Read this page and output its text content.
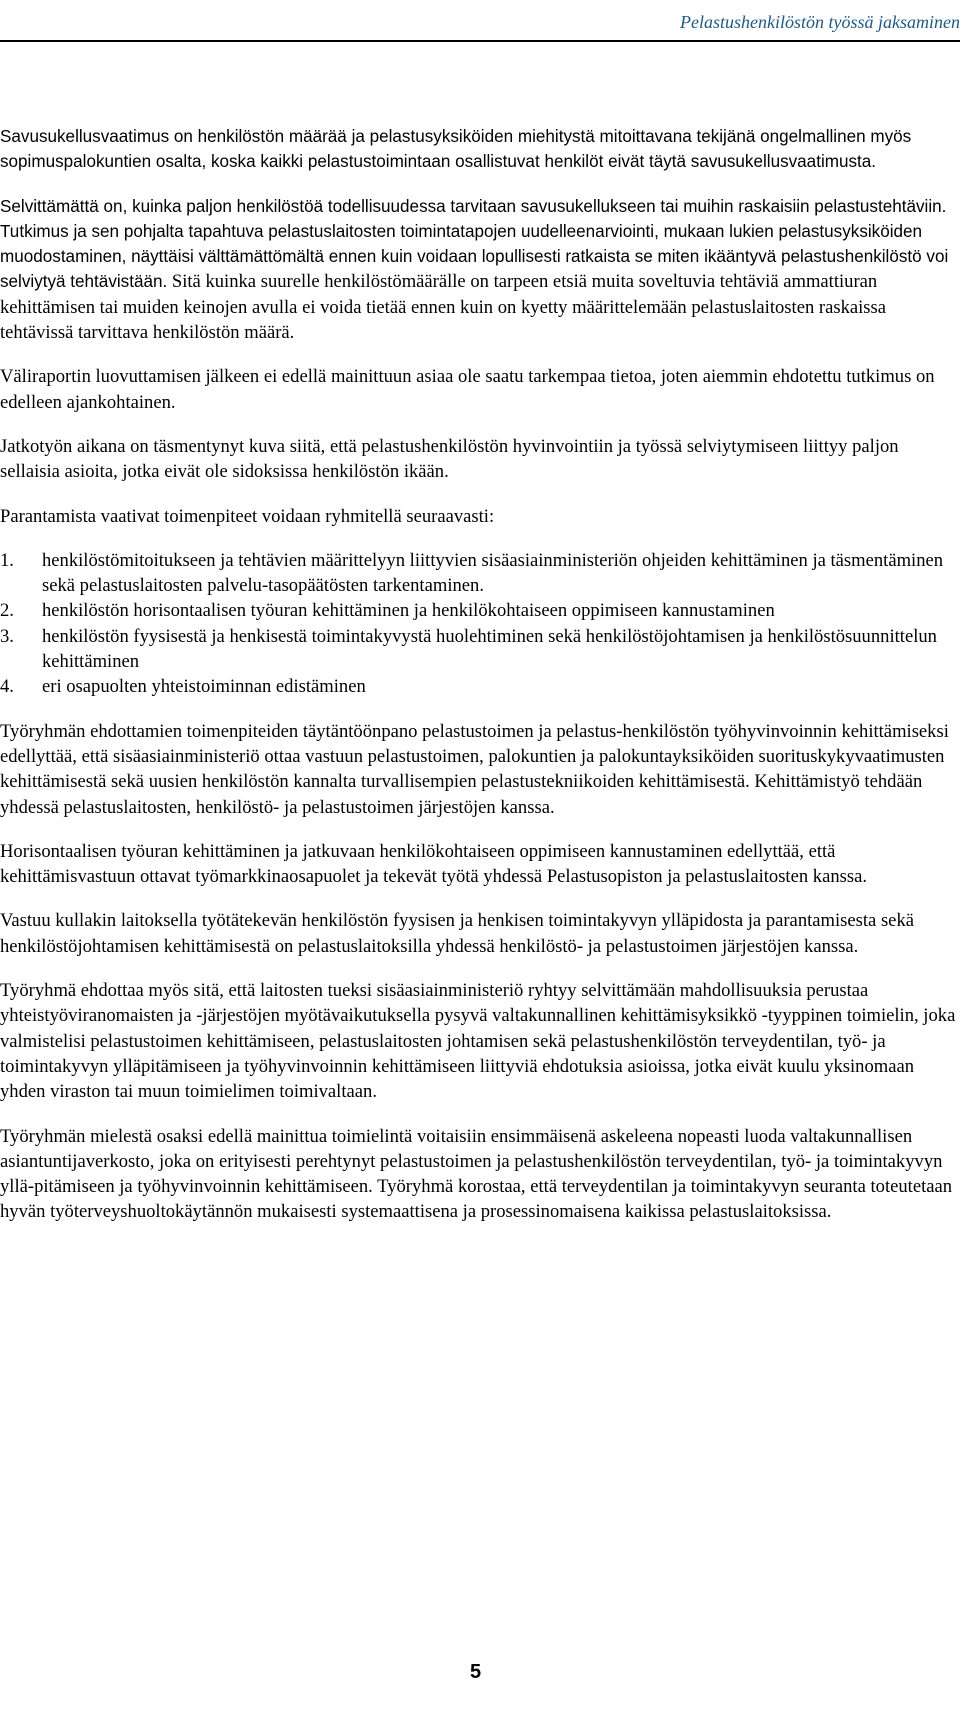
Pelastushenkilöstön työssä jaksaminen

Savusukellusvaatimus on henkilöstön määrää ja pelastusyksiköiden miehitystä mitoittavana tekijänä ongelmallinen myös sopimuspalokuntien osalta, koska kaikki pelastustoimintaan osallistuvat henkilöt eivät täytä savusukellusvaatimusta.

Selvittämättä on, kuinka paljon henkilöstöä todellisuudessa tarvitaan savusukellukseen tai muihin raskaisiin pelastustehtäviin. Tutkimus ja sen pohjalta tapahtuva pelastuslaitosten toimintatapojen uudelleenarviointi, mukaan lukien pelastusyksiköiden muodostaminen, näyttäisi välttämättömältä ennen kuin voidaan lopullisesti ratkaista se miten ikääntyvä pelastushenkilöstö voi selviytyä tehtävistään. Sitä kuinka suurelle henkilöstömäärälle on tarpeen etsiä muita soveltuvia tehtäviä ammattiuran kehittämisen tai muiden keinojen avulla ei voida tietää ennen kuin on kyetty määrittelemään pelastuslaitosten raskaissa tehtävissä tarvittava henkilöstön määrä.

Väliraportin luovuttamisen jälkeen ei edellä mainittuun asiaa ole saatu tarkempaa tietoa, joten aiemmin ehdotettu tutkimus on edelleen ajankohtainen.

Jatkotyön aikana on täsmentynyt kuva siitä, että pelastushenkilöstön hyvinvointiin ja työssä selviytymiseen liittyy paljon sellaisia asioita, jotka eivät ole sidoksissa henkilöstön ikään.

Parantamista vaativat toimenpiteet voidaan ryhmitellä seuraavasti:

1. henkilöstömitoitukseen ja tehtävien määrittelyyn liittyvien sisäasiainministeriön ohjeiden kehittäminen ja täsmentäminen sekä pelastuslaitosten palvelu-tasopäätösten tarkentaminen.
2. henkilöstön horisontaalisen työuran kehittäminen ja henkilökohtaiseen oppimiseen kannustaminen
3. henkilöstön fyysisestä ja henkisestä toimintakyvystä huolehtiminen sekä henkilöstöjohtamisen ja henkilöstösuunnittelun kehittäminen
4. eri osapuolten yhteistoiminnan edistäminen

Työryhmän ehdottamien toimenpiteiden täytäntöönpano pelastustoimen ja pelastus-henkilöstön työhyvinvoinnin kehittämiseksi edellyttää, että sisäasiainministeriö ottaa vastuun pelastustoimen, palokuntien ja palokuntayksiköiden suorituskykyvaatimusten kehittämisestä sekä uusien henkilöstön kannalta turvallisempien pelastustekniikoiden kehittämisestä. Kehittämistyö tehdään yhdessä pelastuslaitosten, henkilöstö- ja pelastustoimen järjestöjen kanssa.

Horisontaalisen työuran kehittäminen ja jatkuvaan henkilökohtaiseen oppimiseen kannustaminen edellyttää, että kehittämisvastuun ottavat työmarkkinaosapuolet ja tekevät työtä yhdessä Pelastusopiston ja pelastuslaitosten kanssa.

Vastuu kullakin laitoksella työtätekevän henkilöstön fyysisen ja henkisen toimintakyvyn ylläpidosta ja parantamisesta sekä henkilöstöjohtamisen kehittämisestä on pelastuslaitoksilla yhdessä henkilöstö- ja pelastustoimen järjestöjen kanssa.

Työryhmä ehdottaa myös sitä, että laitosten tueksi sisäasiainministeriö ryhtyy selvittämään mahdollisuuksia perustaa yhteistyöviranomaisten ja -järjestöjen myötävaikutuksella pysyvä valtakunnallinen kehittämisyksikkö -tyyppinen toimielin, joka valmistelisi pelastustoimen kehittämiseen, pelastuslaitosten johtamisen sekä pelastushenkilöstön terveydentilan, työ- ja toimintakyvyn ylläpitämiseen ja työhyvinvoinnin kehittämiseen liittyviä ehdotuksia asioissa, jotka eivät kuulu yksinomaan yhden viraston tai muun toimielimen toimivaltaan.

Työryhmän mielestä osaksi edellä mainittua toimielintä voitaisiin ensimmäisenä askeleena nopeasti luoda valtakunnallisen asiantuntijaverkosto, joka on erityisesti perehtynyt pelastustoimen ja pelastushenkilöstön terveydentilan, työ- ja toimintakyvyn yllä-pitämiseen ja työhyvinvoinnin kehittämiseen. Työryhmä korostaa, että terveydentilan ja toimintakyvyn seuranta toteutetaan hyvän työterveyshuoltokäytännön mukaisesti systemaattisena ja prosessinomaisena kaikissa pelastuslaitoksissa.

5
